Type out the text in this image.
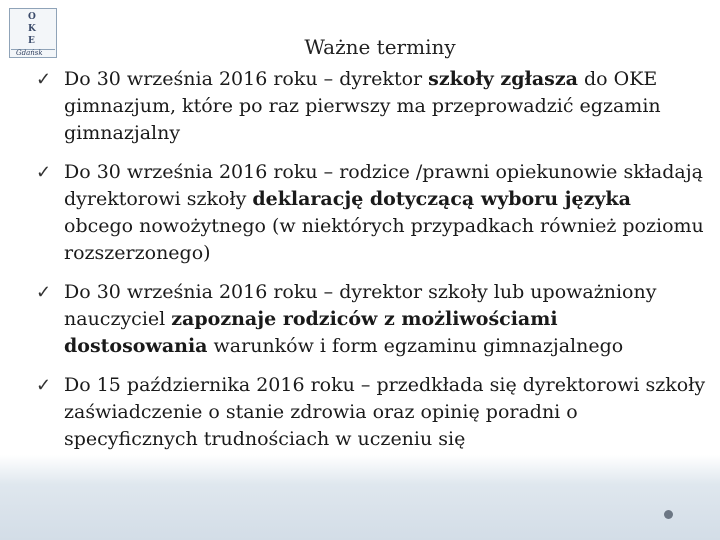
O
K
E
Gdańsk	Ważne terminy
✓ Do 30 września 2016 roku – dyrektor szkoły zgłasza do OKE gimnazjum, które po raz pierwszy ma przeprowadzić egzamin gimnazjalny
✓ Do 30 września 2016 roku – rodzice /prawni opiekunowie składają dyrektorowi szkoły deklarację dotyczącą wyboru języka obcego nowożytnego (w niektórych przypadkach również poziomu rozszerzonego)
✓ Do 30 września 2016 roku – dyrektor szkoły lub upoważniony nauczyciel zapoznaje rodziców z możliwościami dostosowania warunków i form egzaminu gimnazjalnego
✓ Do 15 października 2016 roku – przedkłada się dyrektorowi szkoły zaświadczenie o stanie zdrowia oraz opinię poradni o specyficznych trudnościach w uczeniu się
